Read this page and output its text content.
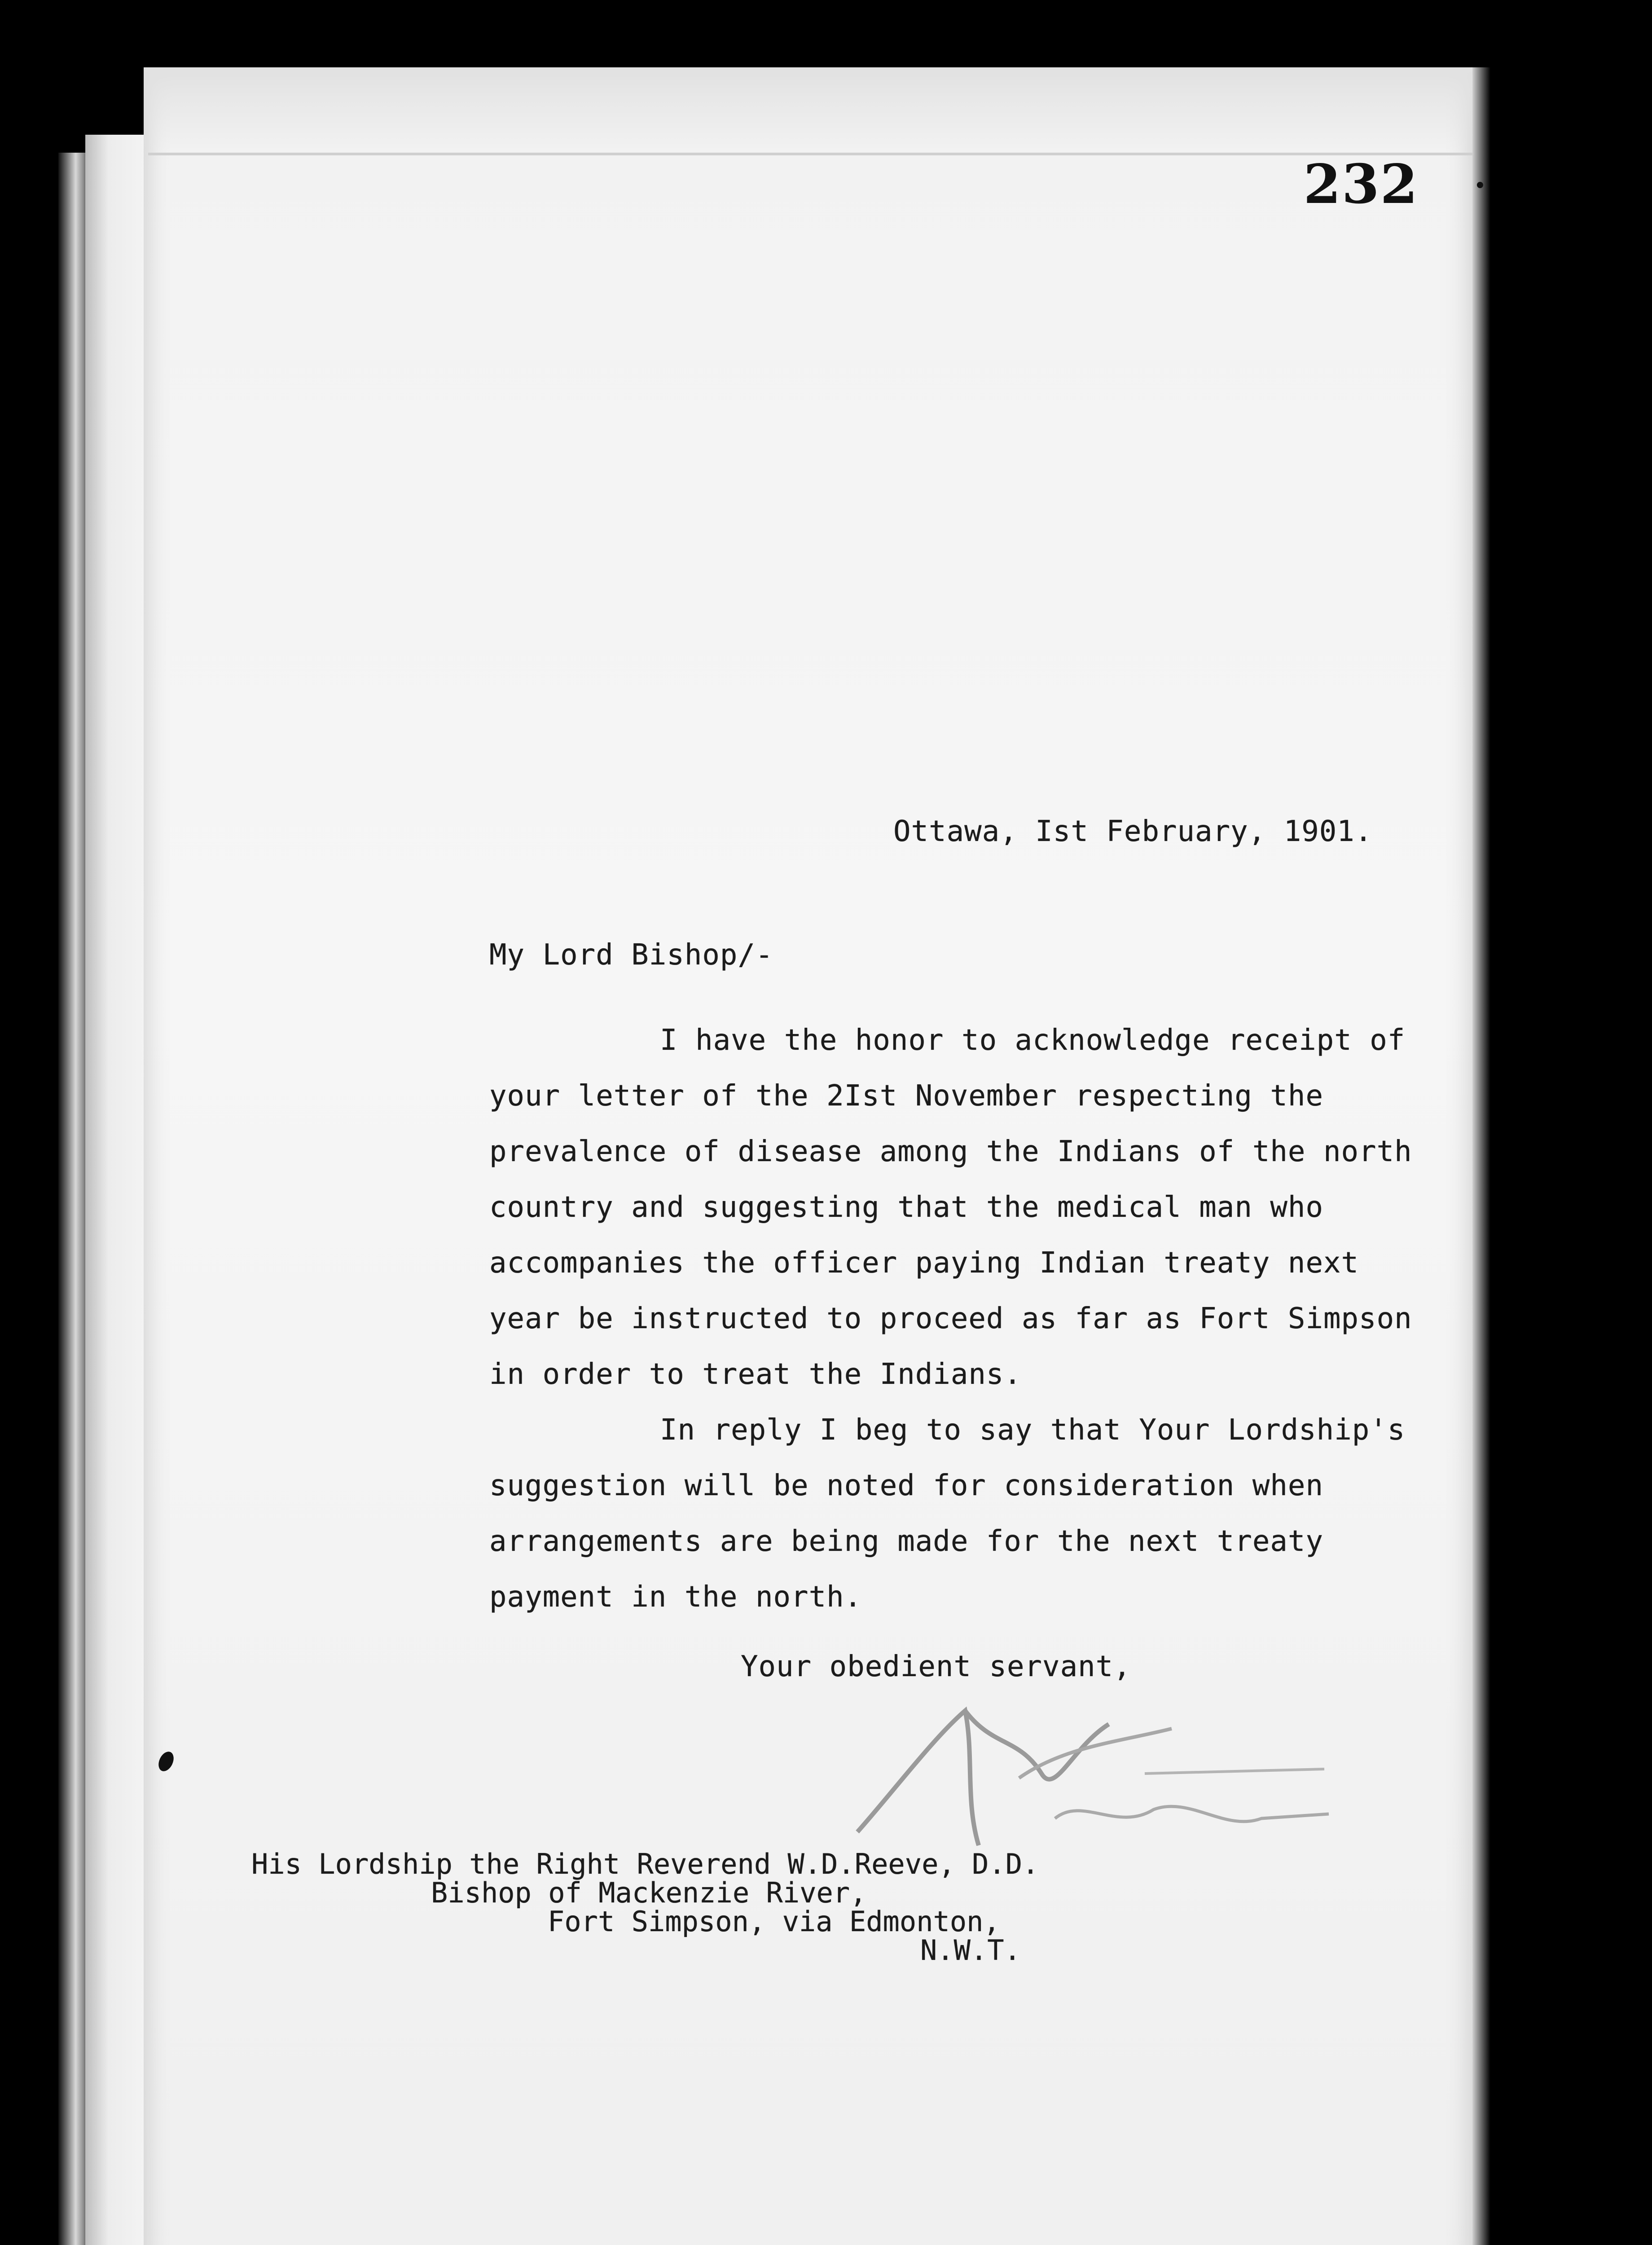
232
Ottawa, Ist February, 1901.
My Lord Bishop/-
I have the honor to acknowledge receipt of
your letter of the 2Ist November respecting the
prevalence of disease among the Indians of the north
country and suggesting that the medical man who
accompanies the officer paying Indian treaty next
year be instructed to proceed as far as Fort Simpson
in order to treat the Indians.
In reply I beg to say that Your Lordship's
suggestion will be noted for consideration when
arrangements are being made for the next treaty
payment in the north.
Your obedient servant,
His Lordship the Right Reverend W.D.Reeve, D.D.
Bishop of Mackenzie River,
Fort Simpson, via Edmonton,
N.W.T.
